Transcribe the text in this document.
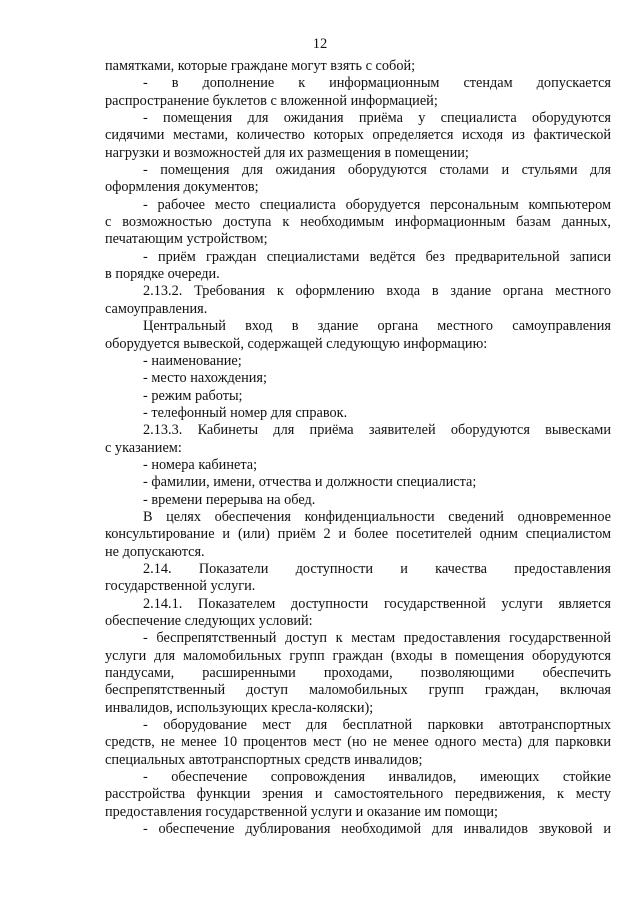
12
памятками, которые граждане могут взять с собой;
- в дополнение к информационным стендам допускается
распространение буклетов с вложенной информацией;
- помещения для ожидания приёма у специалиста оборудуются
сидячими местами, количество которых определяется исходя из фактической
нагрузки и возможностей для их размещения в помещении;
- помещения для ожидания оборудуются столами и стульями для
оформления документов;
- рабочее место специалиста оборудуется персональным компьютером
с возможностью доступа к необходимым информационным базам данных,
печатающим устройством;
- приём граждан специалистами ведётся без предварительной записи
в порядке очереди.
2.13.2. Требования к оформлению входа в здание органа местного
самоуправления.
Центральный вход в здание органа местного самоуправления
оборудуется вывеской, содержащей следующую информацию:
- наименование;
- место нахождения;
- режим работы;
- телефонный номер для справок.
2.13.3. Кабинеты для приёма заявителей оборудуются вывесками
с указанием:
- номера кабинета;
- фамилии, имени, отчества и должности специалиста;
- времени перерыва на обед.
В целях обеспечения конфиденциальности сведений одновременное
консультирование и (или) приём 2 и более посетителей одним специалистом
не допускаются.
2.14. Показатели доступности и качества предоставления
государственной услуги.
2.14.1. Показателем доступности государственной услуги является
обеспечение следующих условий:
- беспрепятственный доступ к местам предоставления государственной
услуги для маломобильных групп граждан (входы в помещения оборудуются
пандусами, расширенными проходами, позволяющими обеспечить
беспрепятственный доступ маломобильных групп граждан, включая
инвалидов, использующих кресла-коляски);
- оборудование мест для бесплатной парковки автотранспортных
средств, не менее 10 процентов мест (но не менее одного места) для парковки
специальных автотранспортных средств инвалидов;
- обеспечение сопровождения инвалидов, имеющих стойкие
расстройства функции зрения и самостоятельного передвижения, к месту
предоставления государственной услуги и оказание им помощи;
- обеспечение дублирования необходимой для инвалидов звуковой и
